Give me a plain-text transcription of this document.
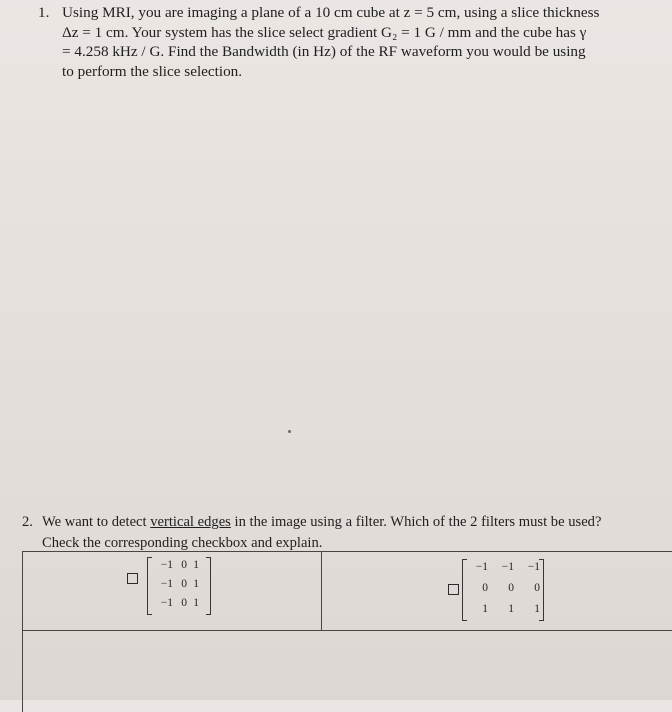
1. Using MRI, you are imaging a plane of a 10 cm cube at z = 5 cm, using a slice thickness
Δz = 1 cm. Your system has the slice select gradient G₂ = 1 G / mm and the cube has γ
= 4.258 kHz / G. Find the Bandwidth (in Hz) of the RF waveform you would be using
to perform the slice selection.
2. We want to detect vertical edges in the image using a filter. Which of the 2 filters must be used?
Check the corresponding checkbox and explain.
−1 0 1
−1 0 1
−1 0 1
−1	−1	−1
0	0	0
1	1	1
